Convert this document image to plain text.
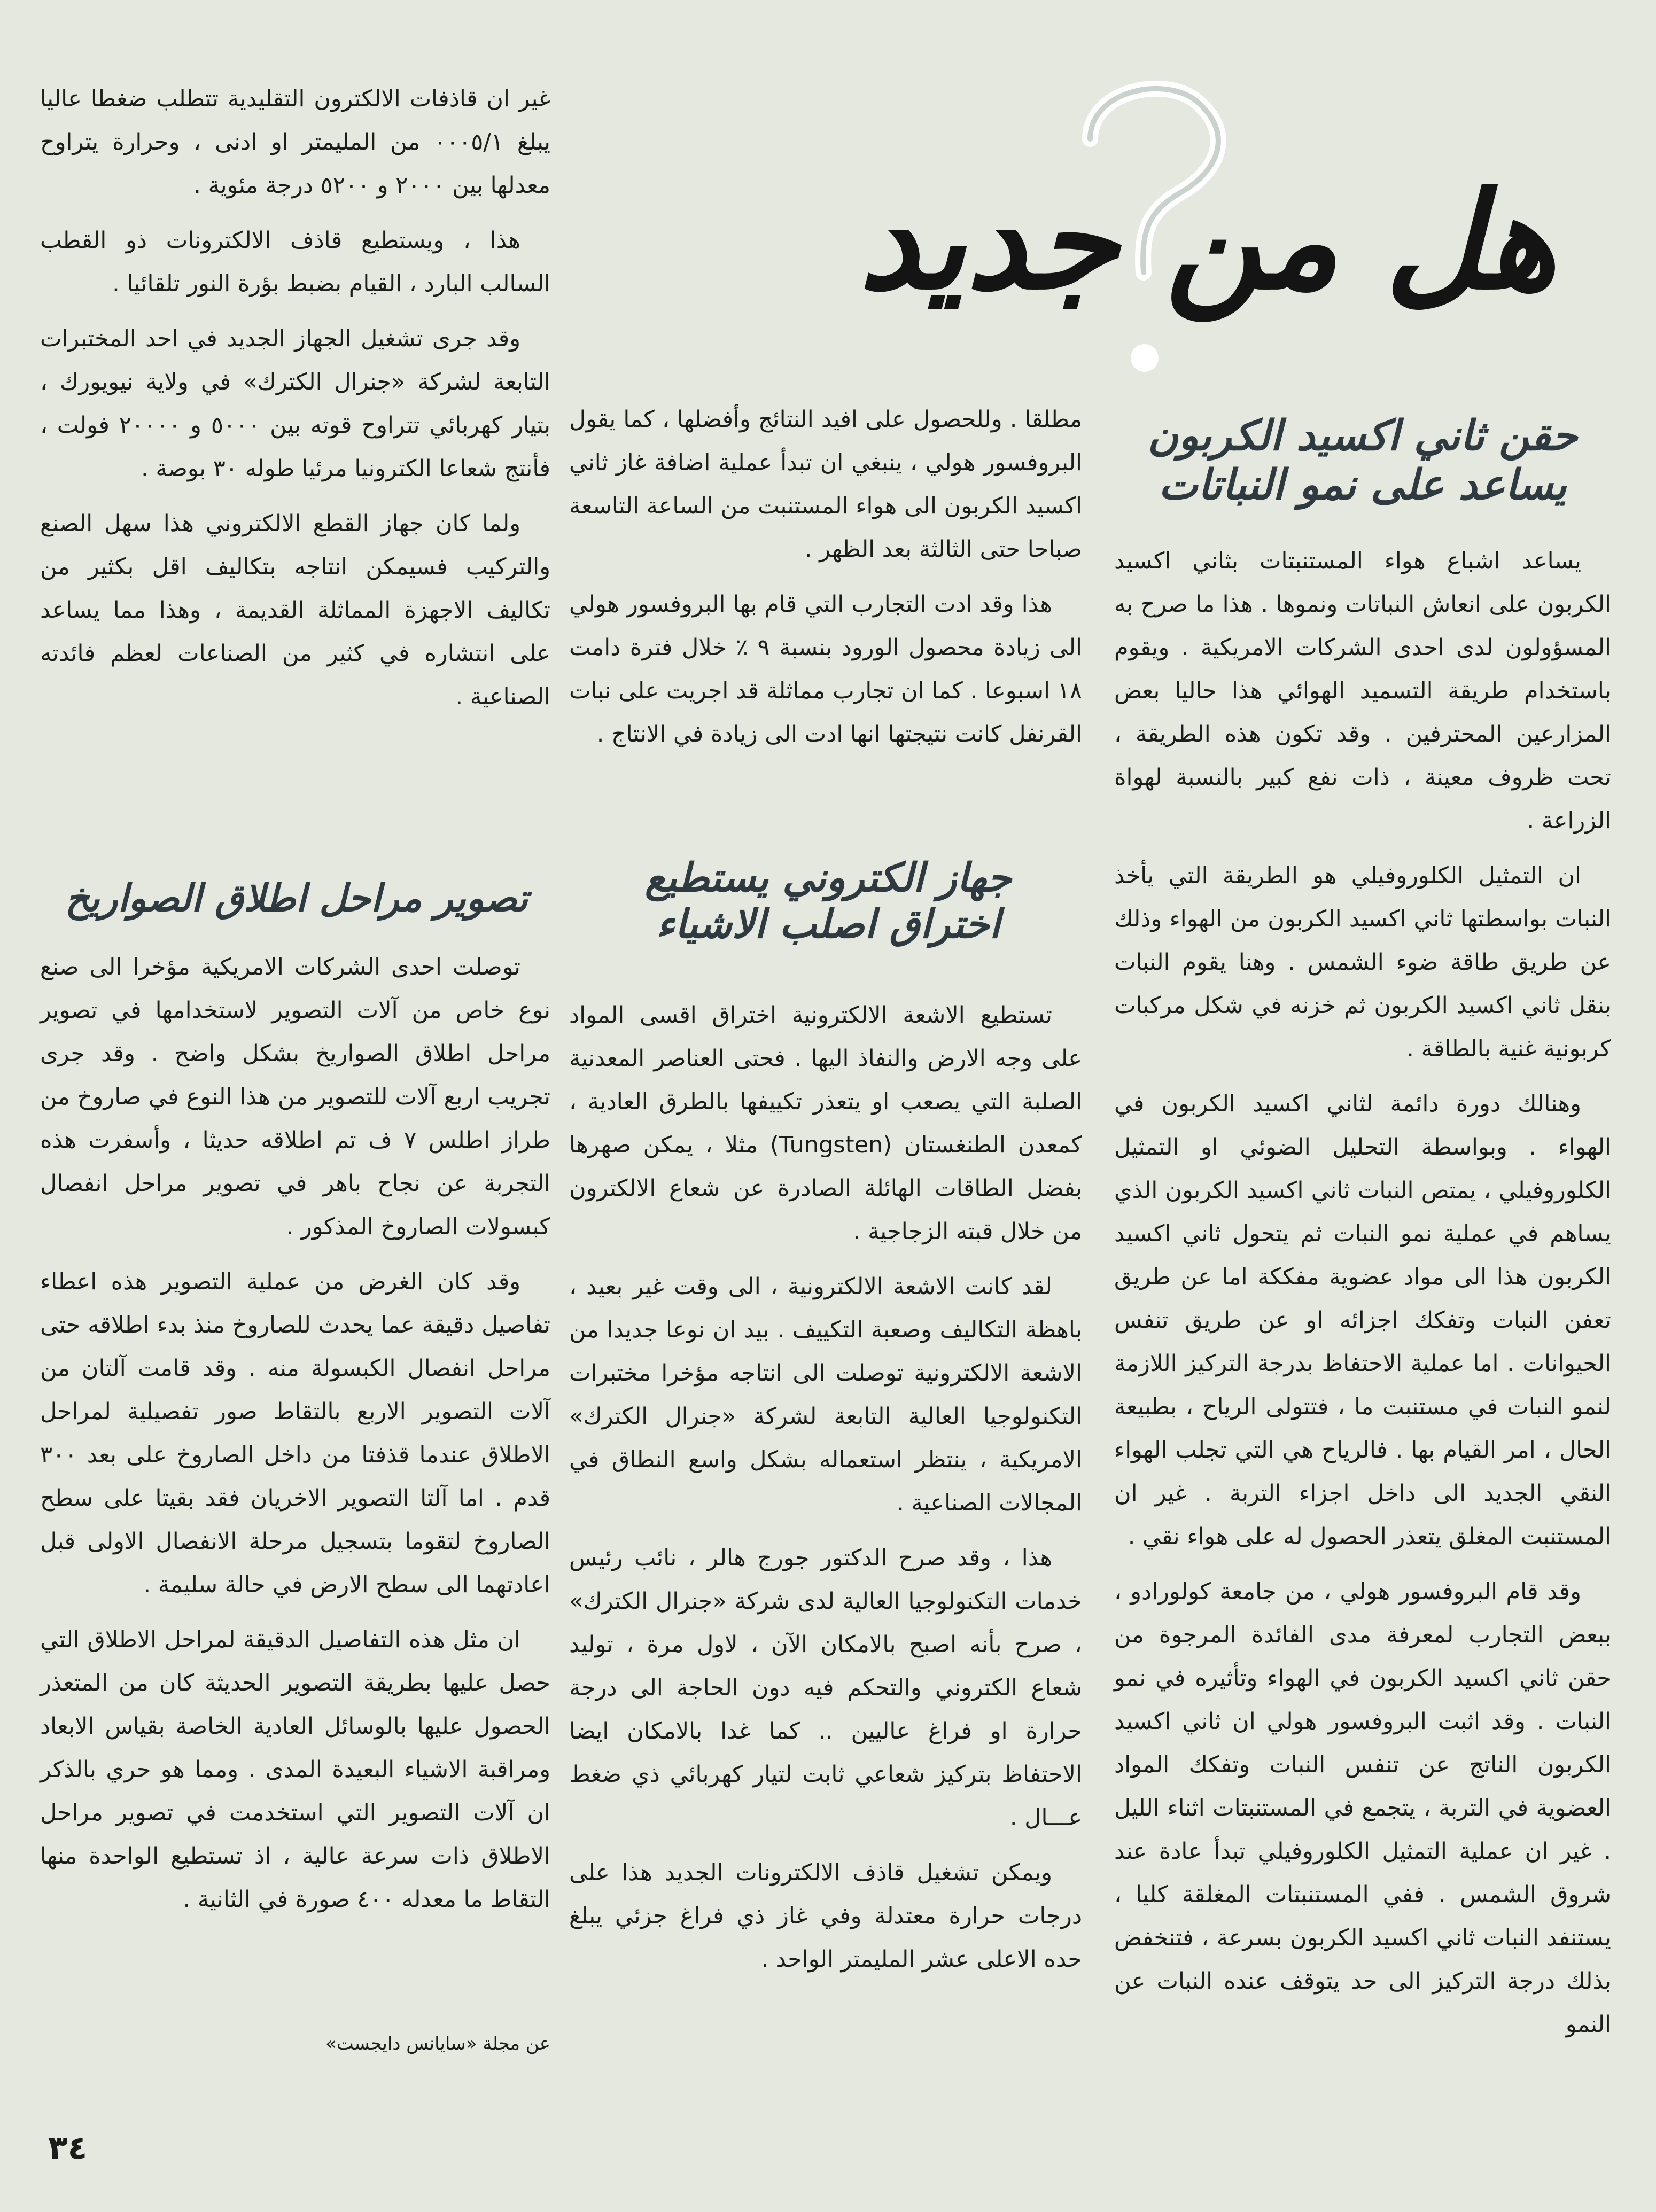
هل من جديد
حقن ثاني اكسيد الكربون
يساعد على نمو النباتات

يساعد اشباع هواء المستنبتات بثاني اكسيد الكربون على انعاش النباتات ونموها . هذا ما صرح به المسؤولون لدى احدى الشركات الامريكية . ويقوم باستخدام طريقة التسميد الهوائي هذا حاليا بعض المزارعين المحترفين . وقد تكون هذه الطريقة ، تحت ظروف معينة ، ذات نفع كبير بالنسبة لهواة الزراعة .

ان التمثيل الكلوروفيلي هو الطريقة التي يأخذ النبات بواسطتها ثاني اكسيد الكربون من الهواء وذلك عن طريق طاقة ضوء الشمس . وهنا يقوم النبات بنقل ثاني اكسيد الكربون ثم خزنه في شكل مركبات كربونية غنية بالطاقة .

وهنالك دورة دائمة لثاني اكسيد الكربون في الهواء . وبواسطة التحليل الضوئي او التمثيل الكلوروفيلي ، يمتص النبات ثاني اكسيد الكربون الذي يساهم في عملية نمو النبات ثم يتحول ثاني اكسيد الكربون هذا الى مواد عضوية مفككة اما عن طريق تعفن النبات وتفكك اجزائه او عن طريق تنفس الحيوانات . اما عملية الاحتفاظ بدرجة التركيز اللازمة لنمو النبات في مستنبت ما ، فتتولى الرياح ، بطبيعة الحال ، امر القيام بها . فالرياح هي التي تجلب الهواء النقي الجديد الى داخل اجزاء التربة . غير ان المستنبت المغلق يتعذر الحصول له على هواء نقي .

وقد قام البروفسور هولي ، من جامعة كولورادو ، ببعض التجارب لمعرفة مدى الفائدة المرجوة من حقن ثاني اكسيد الكربون في الهواء وتأثيره في نمو النبات . وقد اثبت البروفسور هولي ان ثاني اكسيد الكربون الناتج عن تنفس النبات وتفكك المواد العضوية في التربة ، يتجمع في المستنبتات اثناء الليل . غير ان عملية التمثيل الكلوروفيلي تبدأ عادة عند شروق الشمس . ففي المستنبتات المغلقة كليا ، يستنفد النبات ثاني اكسيد الكربون بسرعة ، فتنخفض بذلك درجة التركيز الى حد يتوقف عنده النبات عن النمو

مطلقا . وللحصول على افيد النتائج وأفضلها ، كما يقول البروفسور هولي ، ينبغي ان تبدأ عملية اضافة غاز ثاني اكسيد الكربون الى هواء المستنبت من الساعة التاسعة صباحا حتى الثالثة بعد الظهر .

هذا وقد ادت التجارب التي قام بها البروفسور هولي الى زيادة محصول الورود بنسبة ٩ ٪ خلال فترة دامت ١٨ اسبوعا . كما ان تجارب مماثلة قد اجريت على نبات القرنفل كانت نتيجتها انها ادت الى زيادة في الانتاج .

جهاز الكتروني يستطيع
اختراق اصلب الاشياء

تستطيع الاشعة الالكترونية اختراق اقسى المواد على وجه الارض والنفاذ اليها . فحتى العناصر المعدنية الصلبة التي يصعب او يتعذر تكييفها بالطرق العادية ، كمعدن الطنغستان (Tungsten) مثلا ، يمكن صهرها بفضل الطاقات الهائلة الصادرة عن شعاع الالكترون من خلال قبته الزجاجية .

لقد كانت الاشعة الالكترونية ، الى وقت غير بعيد ، باهظة التكاليف وصعبة التكييف . بيد ان نوعا جديدا من الاشعة الالكترونية توصلت الى انتاجه مؤخرا مختبرات التكنولوجيا العالية التابعة لشركة «جنرال الكترك» الامريكية ، ينتظر استعماله بشكل واسع النطاق في المجالات الصناعية .

هذا ، وقد صرح الدكتور جورج هالر ، نائب رئيس خدمات التكنولوجيا العالية لدى شركة «جنرال الكترك» ، صرح بأنه اصبح بالامكان الآن ، لاول مرة ، توليد شعاع الكتروني والتحكم فيه دون الحاجة الى درجة حرارة او فراغ عاليين .. كما غدا بالامكان ايضا الاحتفاظ بتركيز شعاعي ثابت لتيار كهربائي ذي ضغط عـــال .

ويمكن تشغيل قاذف الالكترونات الجديد هذا على درجات حرارة معتدلة وفي غاز ذي فراغ جزئي يبلغ حده الاعلى عشر المليمتر الواحد .

غير ان قاذفات الالكترون التقليدية تتطلب ضغطا عاليا يبلغ ٠٠٠٥/١ من المليمتر او ادنى ، وحرارة يتراوح معدلها بين ٢٠٠٠ و ٥٢٠٠ درجة مئوية .

هذا ، ويستطيع قاذف الالكترونات ذو القطب السالب البارد ، القيام بضبط بؤرة النور تلقائيا .

وقد جرى تشغيل الجهاز الجديد في احد المختبرات التابعة لشركة «جنرال الكترك» في ولاية نيويورك ، بتيار كهربائي تتراوح قوته بين ٥٠٠٠ و ٢٠٠٠٠ فولت ، فأنتج شعاعا الكترونيا مرئيا طوله ٣٠ بوصة .

ولما كان جهاز القطع الالكتروني هذا سهل الصنع والتركيب فسيمكن انتاجه بتكاليف اقل بكثير من تكاليف الاجهزة المماثلة القديمة ، وهذا مما يساعد على انتشاره في كثير من الصناعات لعظم فائدته الصناعية .

تصوير مراحل اطلاق الصواريخ

توصلت احدى الشركات الامريكية مؤخرا الى صنع نوع خاص من آلات التصوير لاستخدامها في تصوير مراحل اطلاق الصواريخ بشكل واضح . وقد جرى تجريب اربع آلات للتصوير من هذا النوع في صاروخ من طراز اطلس ٧ ف تم اطلاقه حديثا ، وأسفرت هذه التجربة عن نجاح باهر في تصوير مراحل انفصال كبسولات الصاروخ المذكور .

وقد كان الغرض من عملية التصوير هذه اعطاء تفاصيل دقيقة عما يحدث للصاروخ منذ بدء اطلاقه حتى مراحل انفصال الكبسولة منه . وقد قامت آلتان من آلات التصوير الاربع بالتقاط صور تفصيلية لمراحل الاطلاق عندما قذفتا من داخل الصاروخ على بعد ٣٠٠ قدم . اما آلتا التصوير الاخريان فقد بقيتا على سطح الصاروخ لتقوما بتسجيل مرحلة الانفصال الاولى قبل اعادتهما الى سطح الارض في حالة سليمة .

ان مثل هذه التفاصيل الدقيقة لمراحل الاطلاق التي حصل عليها بطريقة التصوير الحديثة كان من المتعذر الحصول عليها بالوسائل العادية الخاصة بقياس الابعاد ومراقبة الاشياء البعيدة المدى . ومما هو حري بالذكر ان آلات التصوير التي استخدمت في تصوير مراحل الاطلاق ذات سرعة عالية ، اذ تستطيع الواحدة منها التقاط ما معدله ٤٠٠ صورة في الثانية .

عن مجلة «سايانس دايجست»
٣٤
